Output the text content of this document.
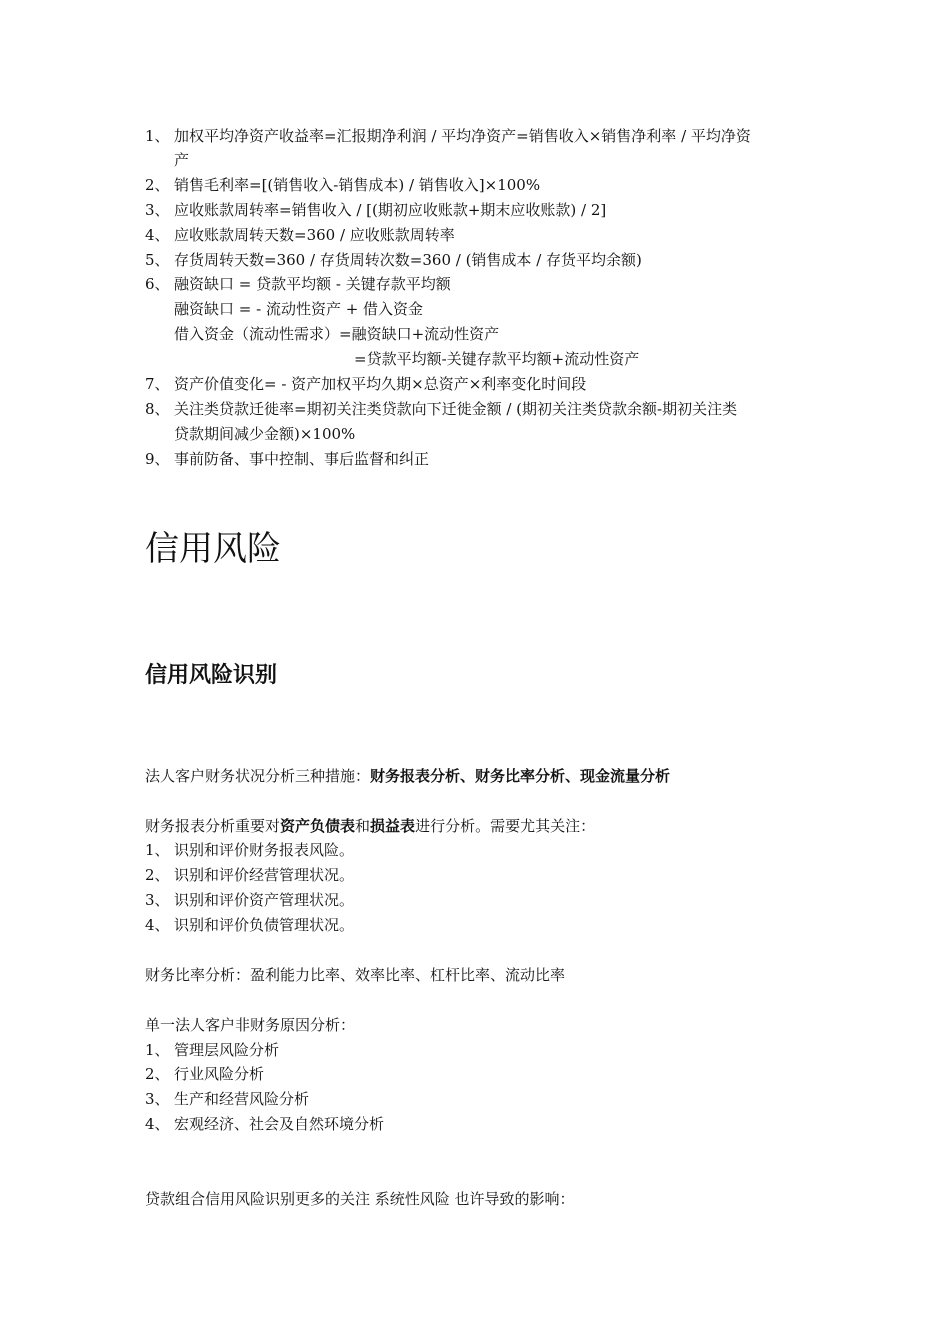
1、 加权平均净资产收益率=汇报期净利润 / 平均净资产=销售收入×销售净利率 / 平均净资
产
2、 销售毛利率=[(销售收入-销售成本) / 销售收入]×100%
3、 应收账款周转率=销售收入 / [(期初应收账款+期末应收账款) / 2]
4、 应收账款周转天数=360 / 应收账款周转率
5、 存货周转天数=360 / 存货周转次数=360 / (销售成本 / 存货平均余额)
6、 融资缺口 = 贷款平均额 - 关键存款平均额
融资缺口 = - 流动性资产 + 借入资金
借入资金（流动性需求）=融资缺口+流动性资产
=贷款平均额-关键存款平均额+流动性资产
7、 资产价值变化= - 资产加权平均久期×总资产×利率变化时间段
8、 关注类贷款迁徙率=期初关注类贷款向下迁徙金额 / (期初关注类贷款余额-期初关注类
贷款期间减少金额)×100%
9、 事前防备、事中控制、事后监督和纠正
信用风险
信用风险识别
法人客户财务状况分析三种措施：财务报表分析、财务比率分析、现金流量分析
财务报表分析重要对资产负债表和损益表进行分析。需要尤其关注：
1、 识别和评价财务报表风险。
2、 识别和评价经营管理状况。
3、 识别和评价资产管理状况。
4、 识别和评价负债管理状况。
财务比率分析：盈利能力比率、效率比率、杠杆比率、流动比率
单一法人客户非财务原因分析：
1、 管理层风险分析
2、 行业风险分析
3、 生产和经营风险分析
4、 宏观经济、社会及自然环境分析
贷款组合信用风险识别更多的关注 系统性风险 也许导致的影响：
